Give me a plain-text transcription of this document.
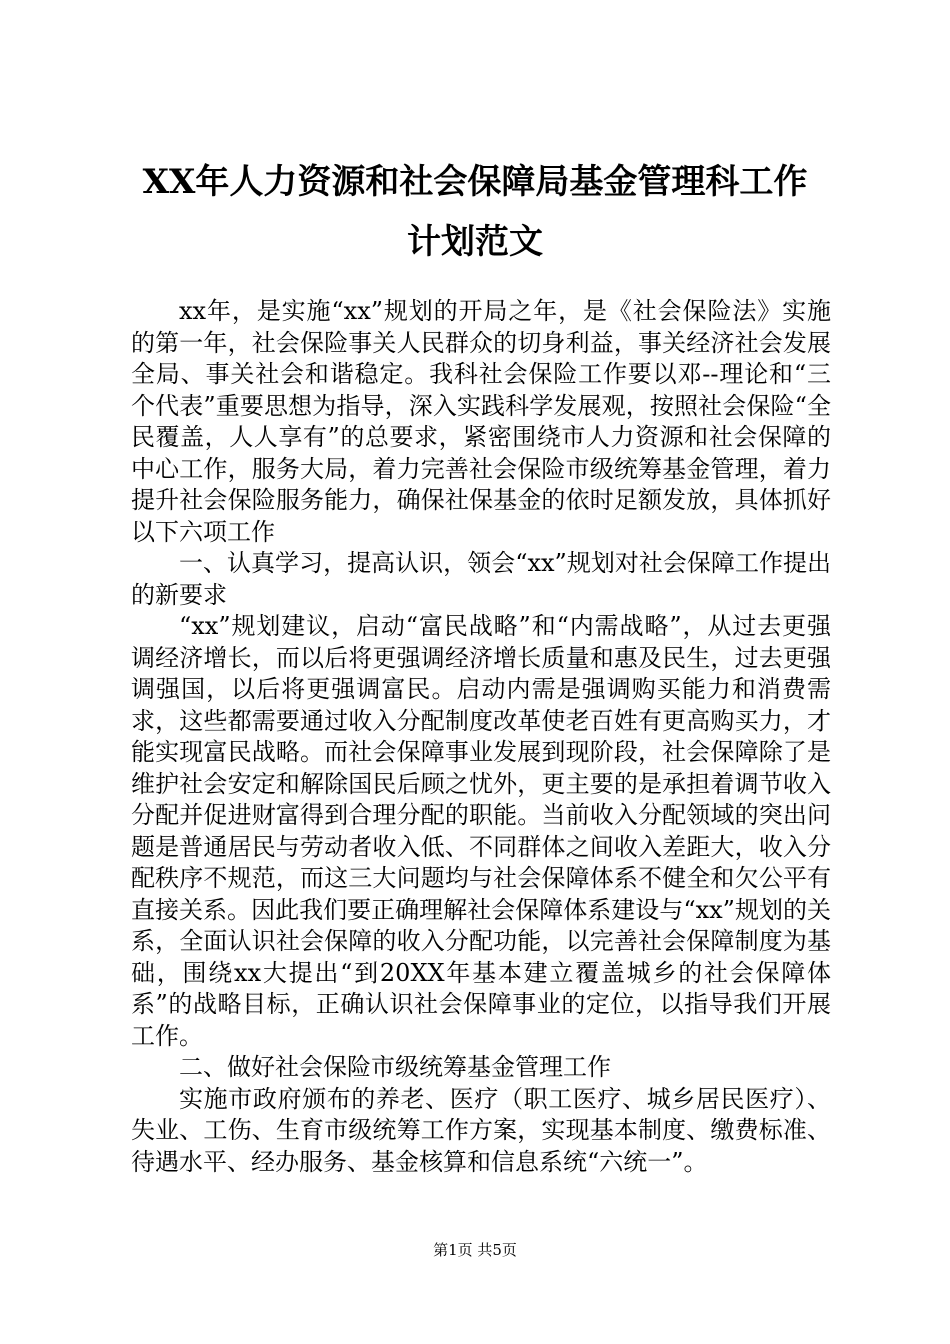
XX年人力资源和社会保障局基金管理科工作
计划范文

xx年，是实施“xx”规划的开局之年，是《社会保险法》实施的第一年，社会保险事关人民群众的切身利益，事关经济社会发展全局、事关社会和谐稳定。我科社会保险工作要以邓--理论和“三个代表”重要思想为指导，深入实践科学发展观，按照社会保险“全民覆盖，人人享有”的总要求，紧密围绕市人力资源和社会保障的中心工作，服务大局，着力完善社会保险市级统筹基金管理，着力提升社会保险服务能力，确保社保基金的依时足额发放，具体抓好以下六项工作

一、认真学习，提高认识，领会“xx”规划对社会保障工作提出的新要求

“xx”规划建议，启动“富民战略”和“内需战略”，从过去更强调经济增长，而以后将更强调经济增长质量和惠及民生，过去更强调强国，以后将更强调富民。启动内需是强调购买能力和消费需求，这些都需要通过收入分配制度改革使老百姓有更高购买力，才能实现富民战略。而社会保障事业发展到现阶段，社会保障除了是维护社会安定和解除国民后顾之忧外，更主要的是承担着调节收入分配并促进财富得到合理分配的职能。当前收入分配领域的突出问题是普通居民与劳动者收入低、不同群体之间收入差距大，收入分配秩序不规范，而这三大问题均与社会保障体系不健全和欠公平有直接关系。因此我们要正确理解社会保障体系建设与“xx”规划的关系，全面认识社会保障的收入分配功能，以完善社会保障制度为基础，围绕xx大提出“到20XX年基本建立覆盖城乡的社会保障体系”的战略目标，正确认识社会保障事业的定位，以指导我们开展工作。

二、做好社会保险市级统筹基金管理工作

实施市政府颁布的养老、医疗（职工医疗、城乡居民医疗）、失业、工伤、生育市级统筹工作方案，实现基本制度、缴费标准、待遇水平、经办服务、基金核算和信息系统“六统一”。

第1页 共5页
